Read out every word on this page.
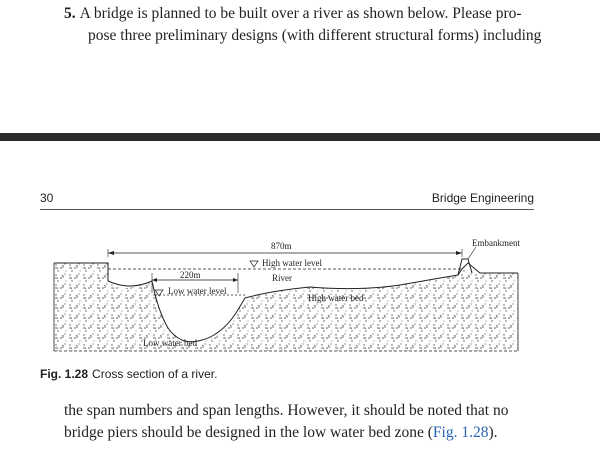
5. A bridge is planned to be built over a river as shown below. Please pro-
pose three preliminary designs (with different structural forms) including
30	Bridge Engineering
870m	Embankment
High water level
River
220m
Low water level
High water bed
Low water bed
Fig. 1.28 Cross section of a river.
the span numbers and span lengths. However, it should be noted that no
bridge piers should be designed in the low water bed zone (Fig. 1.28).
